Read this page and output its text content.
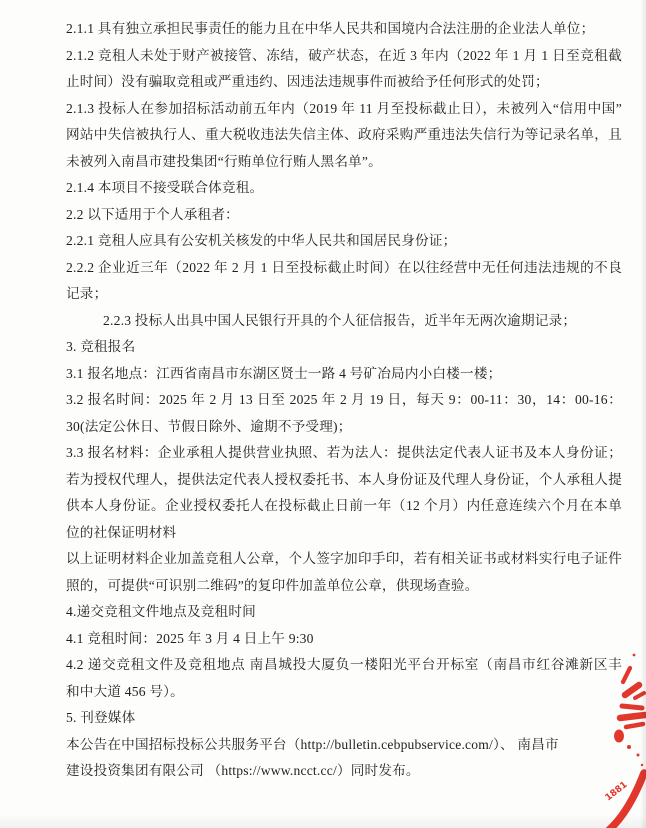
2.1.1 具有独立承担民事责任的能力且在中华人民共和国境内合法注册的企业法人单位；
2.1.2 竞租人未处于财产被接管、冻结，破产状态，在近 3 年内（2022 年 1 月 1 日至竞租截
止时间）没有骗取竞租或严重违约、因违法违规事件而被给予任何形式的处罚；
2.1.3 投标人在参加招标活动前五年内（2019 年 11 月至投标截止日），未被列入“信用中国”
网站中失信被执行人、重大税收违法失信主体、政府采购严重违法失信行为等记录名单，且
未被列入南昌市建投集团“行贿单位行贿人黑名单”。
2.1.4 本项目不接受联合体竞租。
2.2 以下适用于个人承租者：
2.2.1 竞租人应具有公安机关核发的中华人民共和国居民身份证；
2.2.2 企业近三年（2022 年 2 月 1 日至投标截止时间）在以往经营中无任何违法违规的不良
记录；
2.2.3 投标人出具中国人民银行开具的个人征信报告，近半年无两次逾期记录；
3. 竞租报名
3.1 报名地点：江西省南昌市东湖区贤士一路 4 号矿冶局内小白楼一楼；
3.2 报名时间：2025 年 2 月 13 日至 2025 年 2 月 19 日，每天 9：00-11：30，14：00-16：
30(法定公休日、节假日除外、逾期不予受理)；
3.3 报名材料：企业承租人提供营业执照、若为法人：提供法定代表人证书及本人身份证；
若为授权代理人，提供法定代表人授权委托书、本人身份证及代理人身份证，个人承租人提
供本人身份证。企业授权委托人在投标截止日前一年（12 个月）内任意连续六个月在本单
位的社保证明材料
以上证明材料企业加盖竞租人公章，个人签字加印手印，若有相关证书或材料实行电子证件
照的，可提供“可识别二维码”的复印件加盖单位公章，供现场查验。
4.递交竞租文件地点及竞租时间
4.1 竞租时间：2025 年 3 月 4 日上午 9:30
4.2 递交竞租文件及竞租地点 南昌城投大厦负一楼阳光平台开标室（南昌市红谷滩新区丰
和中大道 456 号）。
5. 刊登媒体
本公告在中国招标投标公共服务平台（http://bulletin.cebpubservice.com/）、 南昌市
建设投资集团有限公司 （https://www.ncct.cc/）同时发布。
1881
